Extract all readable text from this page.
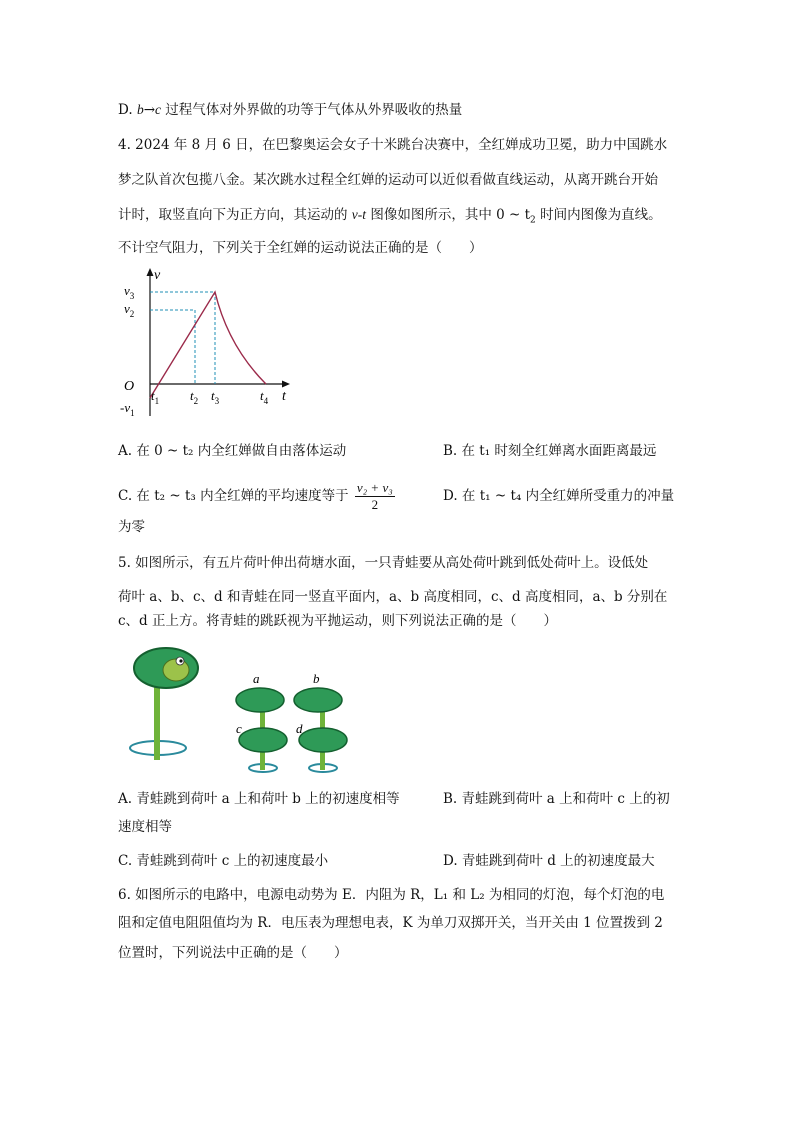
D. b→c 过程气体对外界做的功等于气体从外界吸收的热量
4. 2024 年 8 月 6 日，在巴黎奥运会女子十米跳台决赛中，全红婵成功卫冕，助力中国跳水
梦之队首次包揽八金。某次跳水过程全红婵的运动可以近似看做直线运动，从离开跳台开始
计时，取竖直向下为正方向，其运动的 v-t 图像如图所示，其中 0 ~ $t_2$ 时间内图像为直线。
不计空气阻力，下列关于全红婵的运动说法正确的是（　　）
v
$v_3$
$v_2$
O
$-v_1$
$t_1$ $t_2$ $t_3$	$t_4$ t
A. 在 0 ~ t₂ 内全红婵做自由落体运动	B. 在 t₁ 时刻全红婵离水面距离最远
C. 在 t₂ ~ t₃ 内全红婵的平均速度等于 $\frac{\text{v₂ + v₃}}{2}$	D. 在 t₁ ~ t₄ 内全红婵所受重力的冲量
为零
5. 如图所示，有五片荷叶伸出荷塘水面，一只青蛙要从高处荷叶跳到低处荷叶上。设低处
荷叶 a、b、c、d 和青蛙在同一竖直平面内，a、b 高度相同，c、d 高度相同，a、b 分别在
c、d 正上方。将青蛙的跳跃视为平抛运动，则下列说法正确的是（　　）
a
c
b
d
A. 青蛙跳到荷叶 a 上和荷叶 b 上的初速度相等	B. 青蛙跳到荷叶 a 上和荷叶 c 上的初
速度相等
C. 青蛙跳到荷叶 c 上的初速度最小	D. 青蛙跳到荷叶 d 上的初速度最大
6. 如图所示的电路中，电源电动势为 E．内阻为 R，L₁ 和 L₂ 为相同的灯泡，每个灯泡的电
阻和定值电阻阻值均为 R．电压表为理想电表，K 为单刀双掷开关，当开关由 1 位置拨到 2
位置时，下列说法中正确的是（　　）
